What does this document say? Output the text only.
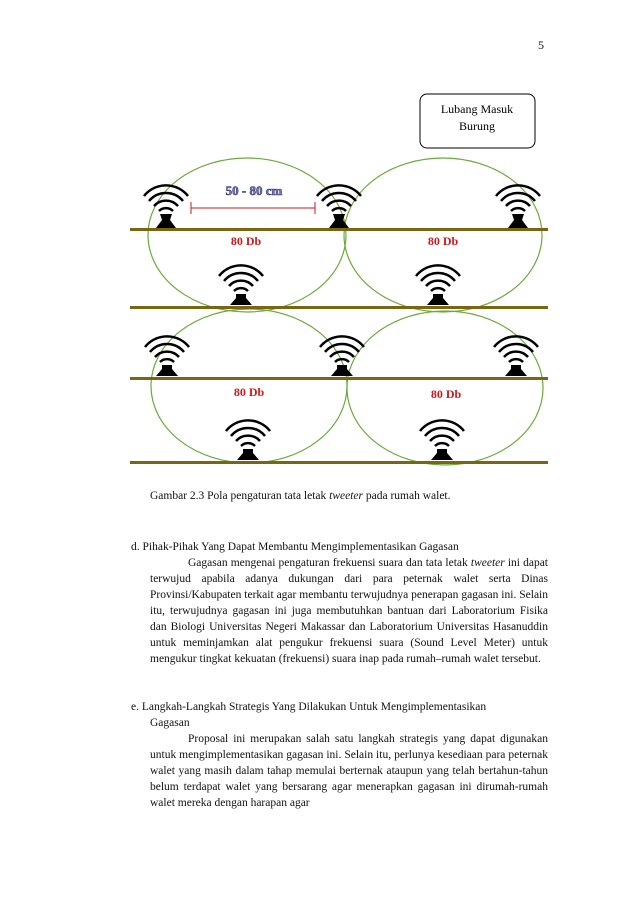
5
Lubang Masuk
Burung
50 - 80 cm
80 Db	80 Db
80 Db	80 Db
Gambar 2.3 Pola pengaturan tata letak tweeter pada rumah walet.
d. Pihak-Pihak Yang Dapat Membantu Mengimplementasikan Gagasan
Gagasan mengenai pengaturan frekuensi suara dan tata letak tweeter ini dapat terwujud apabila adanya dukungan dari para peternak walet serta Dinas Provinsi/Kabupaten terkait agar membantu terwujudnya penerapan gagasan ini. Selain itu, terwujudnya gagasan ini juga membutuhkan bantuan dari Laboratorium Fisika dan Biologi Universitas Negeri Makassar dan Laboratorium Universitas Hasanuddin untuk meminjamkan alat pengukur frekuensi suara (Sound Level Meter) untuk mengukur tingkat kekuatan (frekuensi) suara inap pada rumah–rumah walet tersebut.
e. Langkah-Langkah Strategis Yang Dilakukan Untuk Mengimplementasikan
Gagasan
Proposal ini merupakan salah satu langkah strategis yang dapat digunakan untuk mengimplementasikan gagasan ini. Selain itu, perlunya kesediaan para peternak walet yang masih dalam tahap memulai berternak ataupun yang telah bertahun-tahun belum terdapat walet yang bersarang agar menerapkan gagasan ini dirumah-rumah walet mereka dengan harapan agar
